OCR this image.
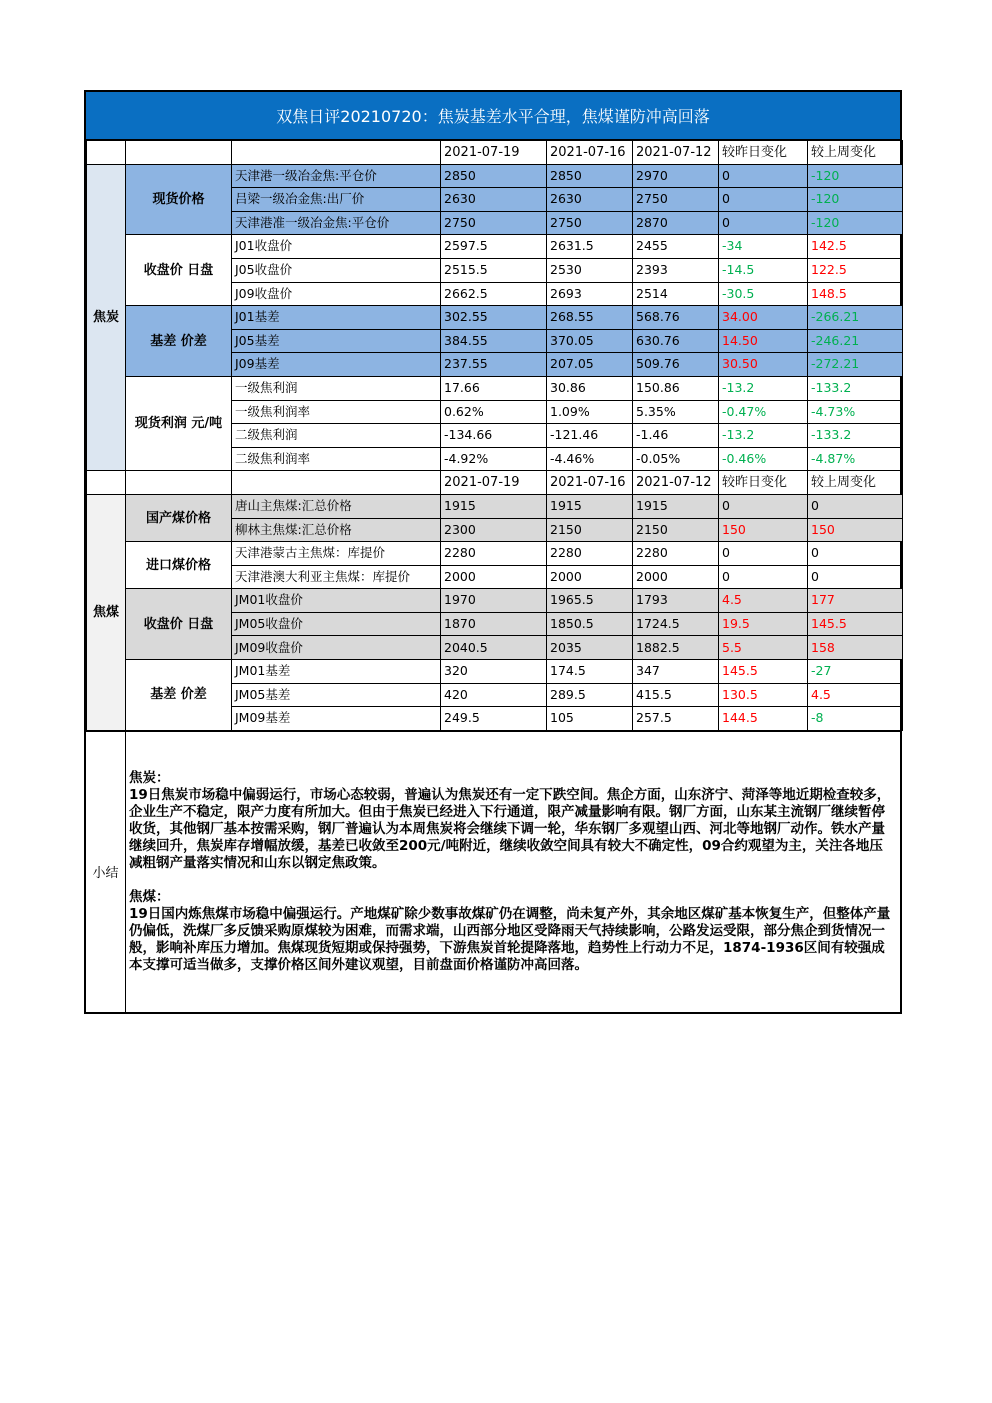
双焦日评20210720：焦炭基差水平合理，焦煤谨防冲高回落
			2021-07-19	2021-07-16	2021-07-12	较昨日变化	较上周变化
焦炭	现货价格	天津港一级冶金焦:平仓价	2850	2850	2970	0	-120
		吕梁一级冶金焦:出厂价	2630	2630	2750	0	-120
		天津港准一级冶金焦:平仓价	2750	2750	2870	0	-120
	收盘价 日盘	J01收盘价	2597.5	2631.5	2455	-34	142.5
		J05收盘价	2515.5	2530	2393	-14.5	122.5
		J09收盘价	2662.5	2693	2514	-30.5	148.5
	基差 价差	J01基差	302.55	268.55	568.76	34.00	-266.21
		J05基差	384.55	370.05	630.76	14.50	-246.21
		J09基差	237.55	207.05	509.76	30.50	-272.21
	现货利润 元/吨	一级焦利润	17.66	30.86	150.86	-13.2	-133.2
		一级焦利润率	0.62%	1.09%	5.35%	-0.47%	-4.73%
		二级焦利润	-134.66	-121.46	-1.46	-13.2	-133.2
		二级焦利润率	-4.92%	-4.46%	-0.05%	-0.46%	-4.87%
			2021-07-19	2021-07-16	2021-07-12	较昨日变化	较上周变化
焦煤	国产煤价格	唐山主焦煤:汇总价格	1915	1915	1915	0	0
		柳林主焦煤:汇总价格	2300	2150	2150	150	150
	进口煤价格	天津港蒙古主焦煤：库提价	2280	2280	2280	0	0
		天津港澳大利亚主焦煤：库提价	2000	2000	2000	0	0
	收盘价 日盘	JM01收盘价	1970	1965.5	1793	4.5	177
		JM05收盘价	1870	1850.5	1724.5	19.5	145.5
		JM09收盘价	2040.5	2035	1882.5	5.5	158
	基差 价差	JM01基差	320	174.5	347	145.5	-27
		JM05基差	420	289.5	415.5	130.5	4.5
		JM09基差	249.5	105	257.5	144.5	-8
小结

焦炭：

19日焦炭市场稳中偏弱运行，市场心态较弱，普遍认为焦炭还有一定下跌空间。焦企方面，山东济宁、菏泽等地近期检查较多，企业生产不稳定，限产力度有所加大。但由于焦炭已经进入下行通道，限产减量影响有限。钢厂方面，山东某主流钢厂继续暂停收货，其他钢厂基本按需采购，钢厂普遍认为本周焦炭将会继续下调一轮，华东钢厂多观望山西、河北等地钢厂动作。铁水产量继续回升，焦炭库存增幅放缓，基差已收敛至200元/吨附近，继续收敛空间具有较大不确定性，09合约观望为主，关注各地压减粗钢产量落实情况和山东以钢定焦政策。

焦煤：

19日国内炼焦煤市场稳中偏强运行。产地煤矿除少数事故煤矿仍在调整，尚未复产外，其余地区煤矿基本恢复生产，但整体产量仍偏低，洗煤厂多反馈采购原煤较为困难，而需求端，山西部分地区受降雨天气持续影响，公路发运受限，部分焦企到货情况一般，影响补库压力增加。焦煤现货短期或保持强势，下游焦炭首轮提降落地，趋势性上行动力不足，1874-1936区间有较强成本支撑可适当做多，支撑价格区间外建议观望，目前盘面价格谨防冲高回落。
